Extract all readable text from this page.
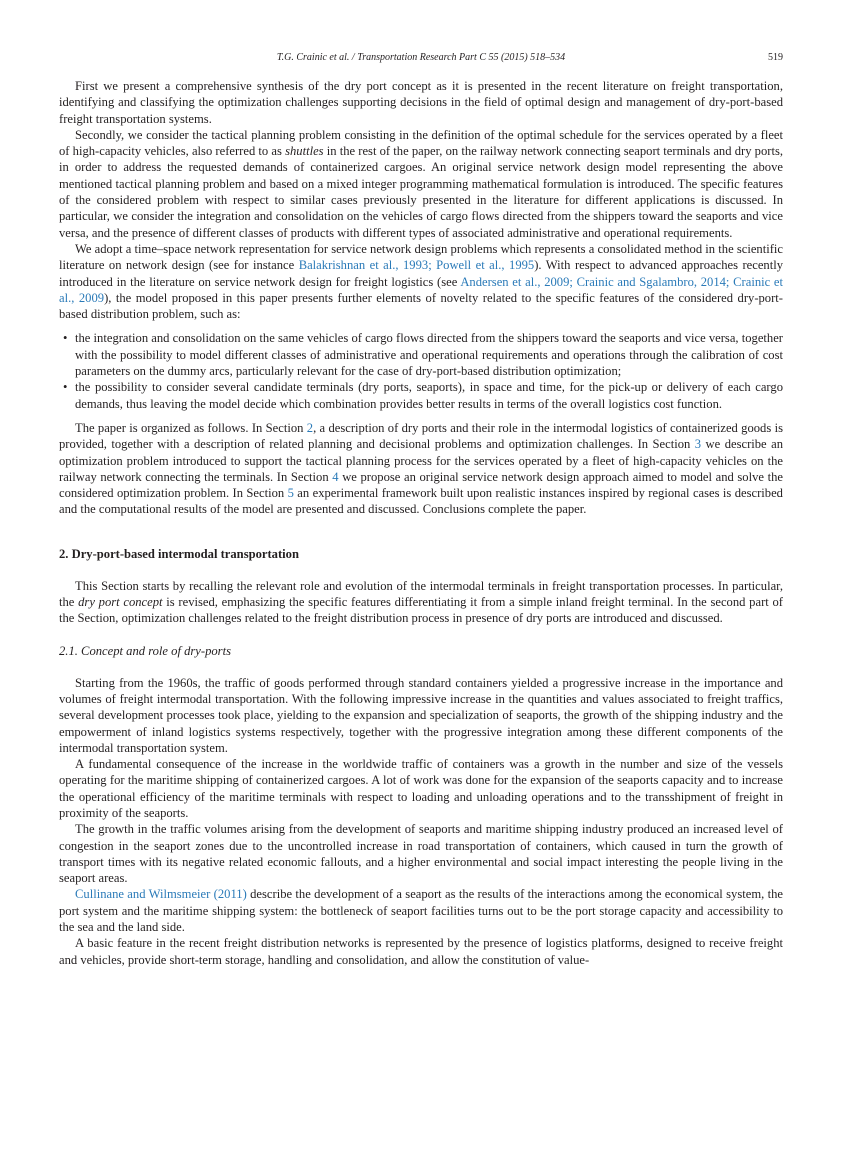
T.G. Crainic et al. / Transportation Research Part C 55 (2015) 518–534	519

First we present a comprehensive synthesis of the dry port concept as it is presented in the recent literature on freight transportation, identifying and classifying the optimization challenges supporting decisions in the field of optimal design and management of dry-port-based freight transportation systems.

Secondly, we consider the tactical planning problem consisting in the definition of the optimal schedule for the services operated by a fleet of high-capacity vehicles, also referred to as shuttles in the rest of the paper, on the railway network connecting seaport terminals and dry ports, in order to address the requested demands of containerized cargoes. An original service network design model representing the above mentioned tactical planning problem and based on a mixed integer programming mathematical formulation is introduced. The specific features of the considered problem with respect to similar cases previously presented in the literature for different applications is discussed. In particular, we consider the integration and consolidation on the vehicles of cargo flows directed from the shippers toward the seaports and vice versa, and the presence of different classes of products with different types of associated administrative and operational requirements.

We adopt a time–space network representation for service network design problems which represents a consolidated method in the scientific literature on network design (see for instance Balakrishnan et al., 1993; Powell et al., 1995). With respect to advanced approaches recently introduced in the literature on service network design for freight logistics (see Andersen et al., 2009; Crainic and Sgalambro, 2014; Crainic et al., 2009), the model proposed in this paper presents further elements of novelty related to the specific features of the considered dry-port-based distribution problem, such as:

• the integration and consolidation on the same vehicles of cargo flows directed from the shippers toward the seaports and vice versa, together with the possibility to model different classes of administrative and operational requirements and operations through the calibration of cost parameters on the dummy arcs, particularly relevant for the case of dry-port-based distribution optimization;
• the possibility to consider several candidate terminals (dry ports, seaports), in space and time, for the pick-up or delivery of each cargo demands, thus leaving the model decide which combination provides better results in terms of the overall logistics cost function.

The paper is organized as follows. In Section 2, a description of dry ports and their role in the intermodal logistics of containerized goods is provided, together with a description of related planning and decisional problems and optimization challenges. In Section 3 we describe an optimization problem introduced to support the tactical planning process for the services operated by a fleet of high-capacity vehicles on the railway network connecting the terminals. In Section 4 we propose an original service network design approach aimed to model and solve the considered optimization problem. In Section 5 an experimental framework built upon realistic instances inspired by regional cases is described and the computational results of the model are presented and discussed. Conclusions complete the paper.

2. Dry-port-based intermodal transportation

This Section starts by recalling the relevant role and evolution of the intermodal terminals in freight transportation processes. In particular, the dry port concept is revised, emphasizing the specific features differentiating it from a simple inland freight terminal. In the second part of the Section, optimization challenges related to the freight distribution process in presence of dry ports are introduced and discussed.

2.1. Concept and role of dry-ports

Starting from the 1960s, the traffic of goods performed through standard containers yielded a progressive increase in the importance and volumes of freight intermodal transportation. With the following impressive increase in the quantities and values associated to freight traffics, several development processes took place, yielding to the expansion and specialization of seaports, the growth of the shipping industry and the empowerment of inland logistics systems respectively, together with the progressive integration among these different components of the intermodal transportation system.

A fundamental consequence of the increase in the worldwide traffic of containers was a growth in the number and size of the vessels operating for the maritime shipping of containerized cargoes. A lot of work was done for the expansion of the seaports capacity and to increase the operational efficiency of the maritime terminals with respect to loading and unloading operations and to the transshipment of freight in proximity of the seaports.

The growth in the traffic volumes arising from the development of seaports and maritime shipping industry produced an increased level of congestion in the seaport zones due to the uncontrolled increase in road transportation of containers, which caused in turn the growth of transport times with its negative related economic fallouts, and a higher environmental and social impact interesting the people living in the seaport areas.

Cullinane and Wilmsmeier (2011) describe the development of a seaport as the results of the interactions among the economical system, the port system and the maritime shipping system: the bottleneck of seaport facilities turns out to be the port storage capacity and accessibility to the sea and the land side.

A basic feature in the recent freight distribution networks is represented by the presence of logistics platforms, designed to receive freight and vehicles, provide short-term storage, handling and consolidation, and allow the constitution of value-
